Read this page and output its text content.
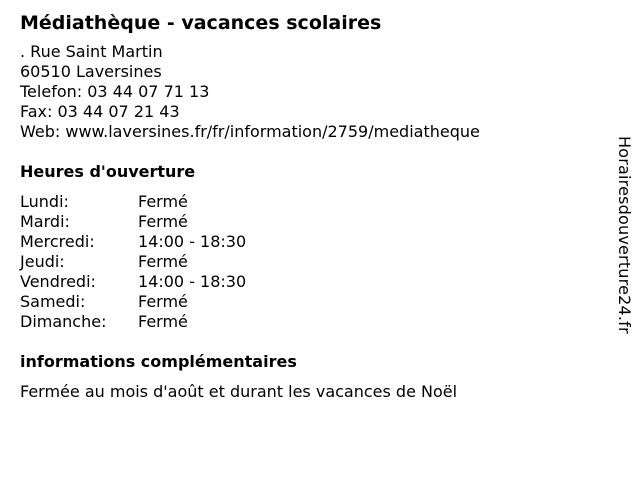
Médiathèque - vacances scolaires
. Rue Saint Martin
60510 Laversines
Telefon: 03 44 07 71 13
Fax: 03 44 07 21 43
Web: www.laversines.fr/fr/information/2759/mediatheque
Heures d'ouverture
Lundi:	Fermé
Mardi:	Fermé
Mercredi:	14:00 - 18:30
Jeudi:	Fermé
Vendredi:	14:00 - 18:30
Samedi:	Fermé
Dimanche:	Fermé
informations complémentaires
Fermée au mois d'août et durant les vacances de Noël
Horairesdouverture24.fr
